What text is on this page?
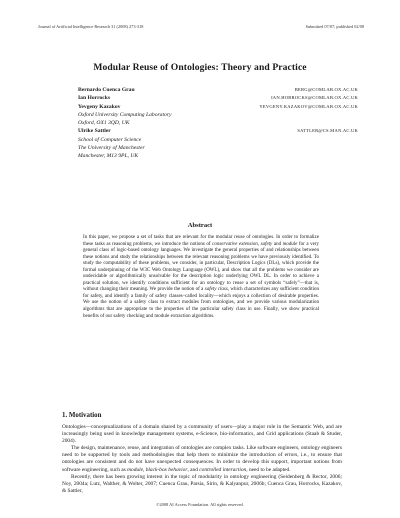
Journal of Artificial Intelligence Research 31 (2008) 273-318	Submitted 07/07; published 02/08
Modular Reuse of Ontologies: Theory and Practice
Bernardo Cuenca Grau	BERG@COMLAB.OX.AC.UK
Ian Horrocks	IAN.HORROCKS@COMLAB.OX.AC.UK
Yevgeny Kazakov	YEVGENY.KAZAKOV@COMLAB.OX.AC.UK
Oxford University Computing Laboratory
Oxford, OX1 3QD, UK
Ulrike Sattler	SATTLER@CS.MAN.AC.UK
School of Computer Science
The University of Manchester
Manchester, M13 9PL, UK
Abstract

In this paper, we propose a set of tasks that are relevant for the modular reuse of ontologies. In order to formalize these tasks as reasoning problems, we introduce the notions of conservative extension, safety and module for a very general class of logic-based ontology languages. We investigate the general properties of and relationships between these notions and study the relationships between the relevant reasoning problems we have previously identified. To study the computability of these problems, we consider, in particular, Description Logics (DLs), which provide the formal underpinning of the W3C Web Ontology Language (OWL), and show that all the problems we consider are undecidable or algorithmically unsolvable for the description logic underlying OWL DL. In order to achieve a practical solution, we identify conditions sufficient for an ontology to reuse a set of symbols “safely”—that is, without changing their meaning. We provide the notion of a safety class, which characterizes any sufficient condition for safety, and identify a family of safety classes–called locality—which enjoys a collection of desirable properties. We use the notion of a safety class to extract modules from ontologies, and we provide various modularization algorithms that are appropriate to the properties of the particular safety class in use. Finally, we show practical benefits of our safety checking and module extraction algorithms.

1. Motivation

Ontologies—conceptualizations of a domain shared by a community of users—play a major role in the Semantic Web, and are increasingly being used in knowledge management systems, e-Science, bio-informatics, and Grid applications (Staab & Studer, 2004).

The design, maintenance, reuse, and integration of ontologies are complex tasks. Like software engineers, ontology engineers need to be supported by tools and methodologies that help them to minimize the introduction of errors, i.e., to ensure that ontologies are consistent and do not have unexpected consequences. In order to develop this support, important notions from software engineering, such as module, black-box behavior, and controlled interaction, need to be adapted.

Recently, there has been growing interest in the topic of modularity in ontology engineering (Seidenberg & Rector, 2006; Noy, 2004a; Lutz, Walther, & Wolter, 2007; Cuenca Grau, Parsia, Sirin, & Kalyanpur, 2006b; Cuenca Grau, Horrocks, Kazakov, & Sattler,

©2008 AI Access Foundation. All rights reserved.
